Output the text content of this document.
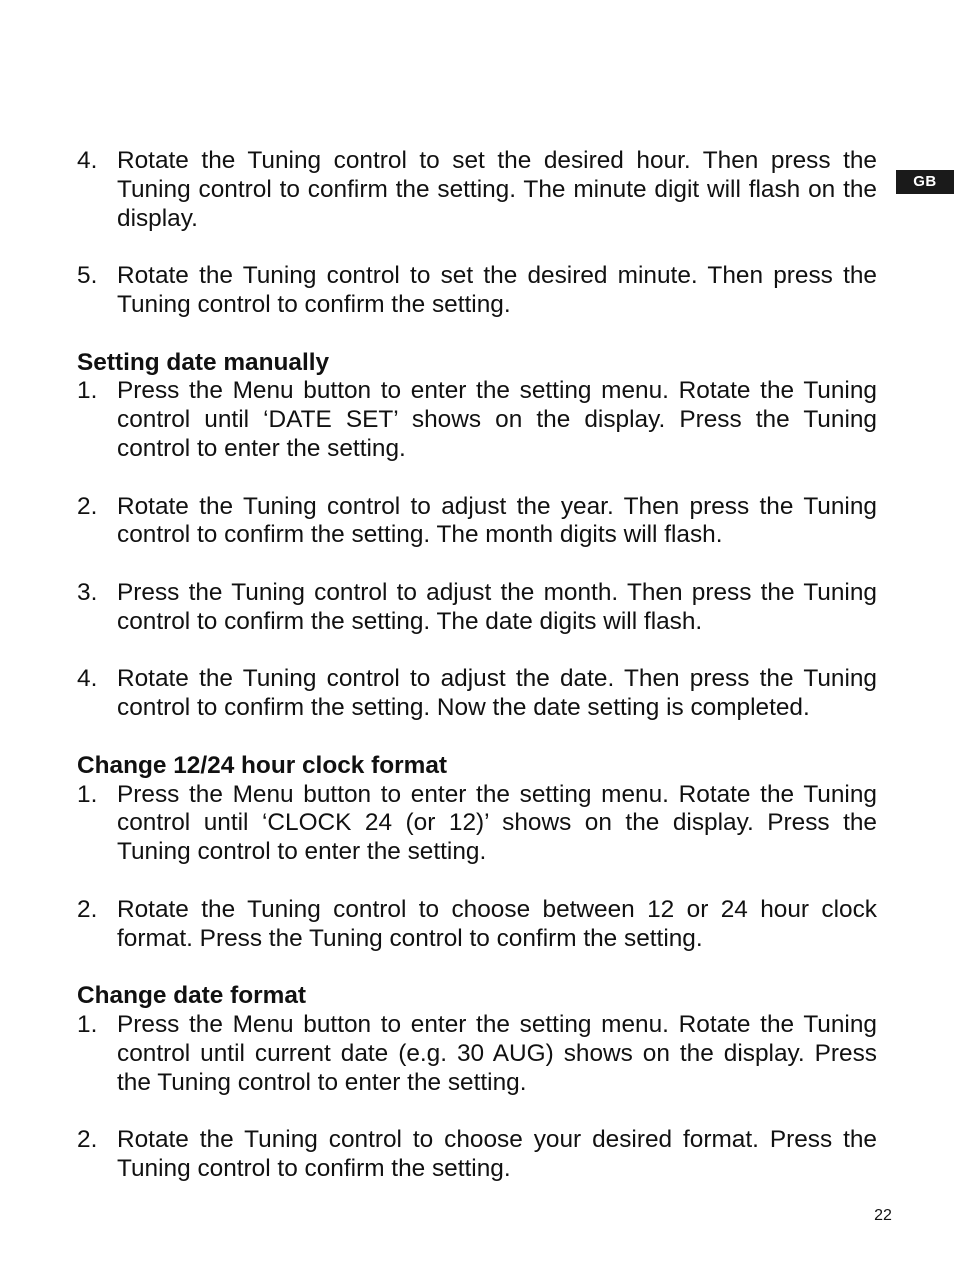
GB
4. Rotate the Tuning control to set the desired hour. Then press the Tuning control to confirm the setting. The minute digit will flash on the display.
5. Rotate the Tuning control to set the desired minute. Then press the Tuning control to confirm the setting.
Setting date manually
1. Press the Menu button to enter the setting menu. Rotate the Tuning control until ‘DATE SET’ shows on the display. Press the Tuning control to enter the setting.
2. Rotate the Tuning control to adjust the year. Then press the Tuning control to confirm the setting. The month digits will flash.
3. Press the Tuning control to adjust the month. Then press the Tuning control to confirm the setting. The date digits will flash.
4. Rotate the Tuning control to adjust the date. Then press the Tuning control to confirm the setting. Now the date setting is completed.
Change 12/24 hour clock format
1. Press the Menu button to enter the setting menu. Rotate the Tuning control until ‘CLOCK 24 (or 12)’ shows on the display. Press the Tuning control to enter the setting.
2. Rotate the Tuning control to choose between 12 or 24 hour clock format. Press the Tuning control to confirm the setting.
Change date format
1. Press the Menu button to enter the setting menu. Rotate the Tuning control until current date (e.g. 30 AUG) shows on the display. Press the Tuning control to enter the setting.
2. Rotate the Tuning control to choose your desired format. Press the Tuning control to confirm the setting.
22
